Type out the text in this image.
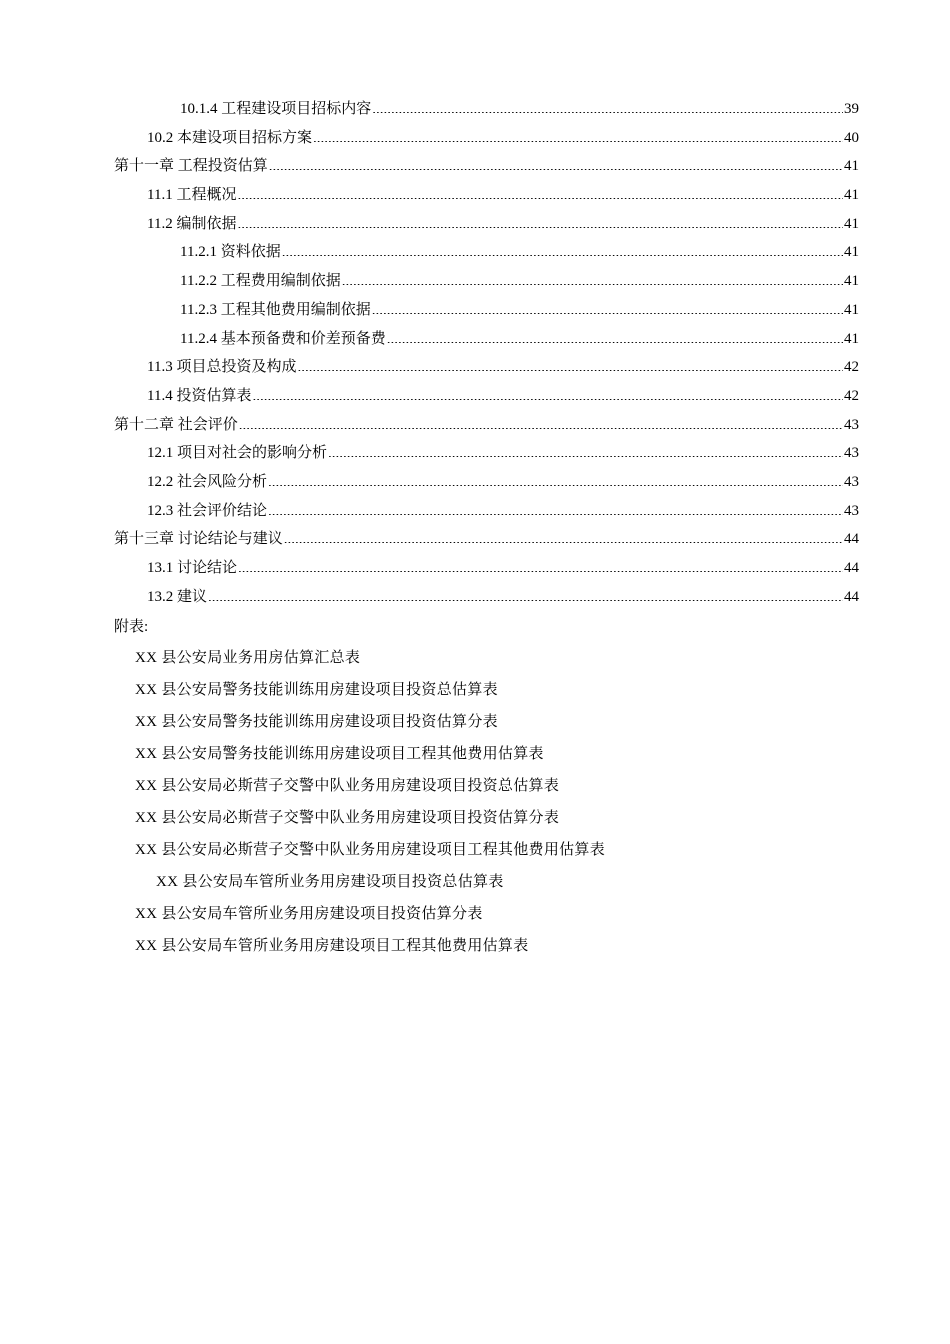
10.1.4 工程建设项目招标内容 .....	39
10.2 本建设项目招标方案 .....	40
第十一章 工程投资估算 .....	41
11.1 工程概况 .....	41
11.2 编制依据 .....	41
11.2.1 资料依据 .....	41
11.2.2 工程费用编制依据 .....	41
11.2.3 工程其他费用编制依据 .....	41
11.2.4 基本预备费和价差预备费 .....	41
11.3 项目总投资及构成 .....	42
11.4 投资估算表 .....	42
第十二章 社会评价 .....	43
12.1 项目对社会的影响分析 .....	43
12.2 社会风险分析 .....	43
12.3 社会评价结论 .....	43
第十三章 讨论结论与建议 .....	44
13.1 讨论结论 .....	44
13.2 建议 .....	44
附表:
XX 县公安局业务用房估算汇总表
XX 县公安局警务技能训练用房建设项目投资总估算表
XX 县公安局警务技能训练用房建设项目投资估算分表
XX 县公安局警务技能训练用房建设项目工程其他费用估算表
XX 县公安局必斯营子交警中队业务用房建设项目投资总估算表
XX 县公安局必斯营子交警中队业务用房建设项目投资估算分表
XX 县公安局必斯营子交警中队业务用房建设项目工程其他费用估算表
XX 县公安局车管所业务用房建设项目投资总估算表
XX 县公安局车管所业务用房建设项目投资估算分表
XX 县公安局车管所业务用房建设项目工程其他费用估算表
